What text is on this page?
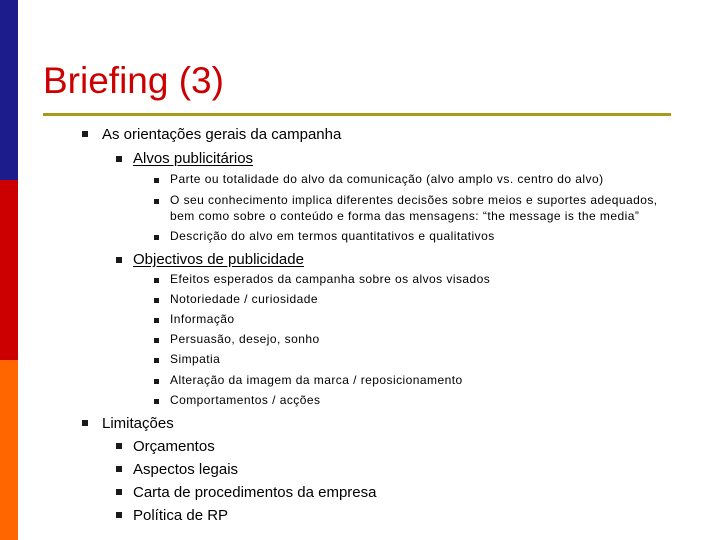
Briefing (3)
As orientações gerais da campanha
Alvos publicitários
Parte ou totalidade do alvo da comunicação (alvo amplo vs. centro do alvo)
O seu conhecimento implica diferentes decisões sobre meios e suportes adequados,
bem como sobre o conteúdo e forma das mensagens: “the message is the media”
Descrição do alvo em termos quantitativos e qualitativos
Objectivos de publicidade
Efeitos esperados da campanha sobre os alvos visados
Notoriedade / curiosidade
Informação
Persuasão, desejo, sonho
Simpatia
Alteração da imagem da marca / reposicionamento
Comportamentos / acções
Limitações
Orçamentos
Aspectos legais
Carta de procedimentos da empresa
Política de RP
